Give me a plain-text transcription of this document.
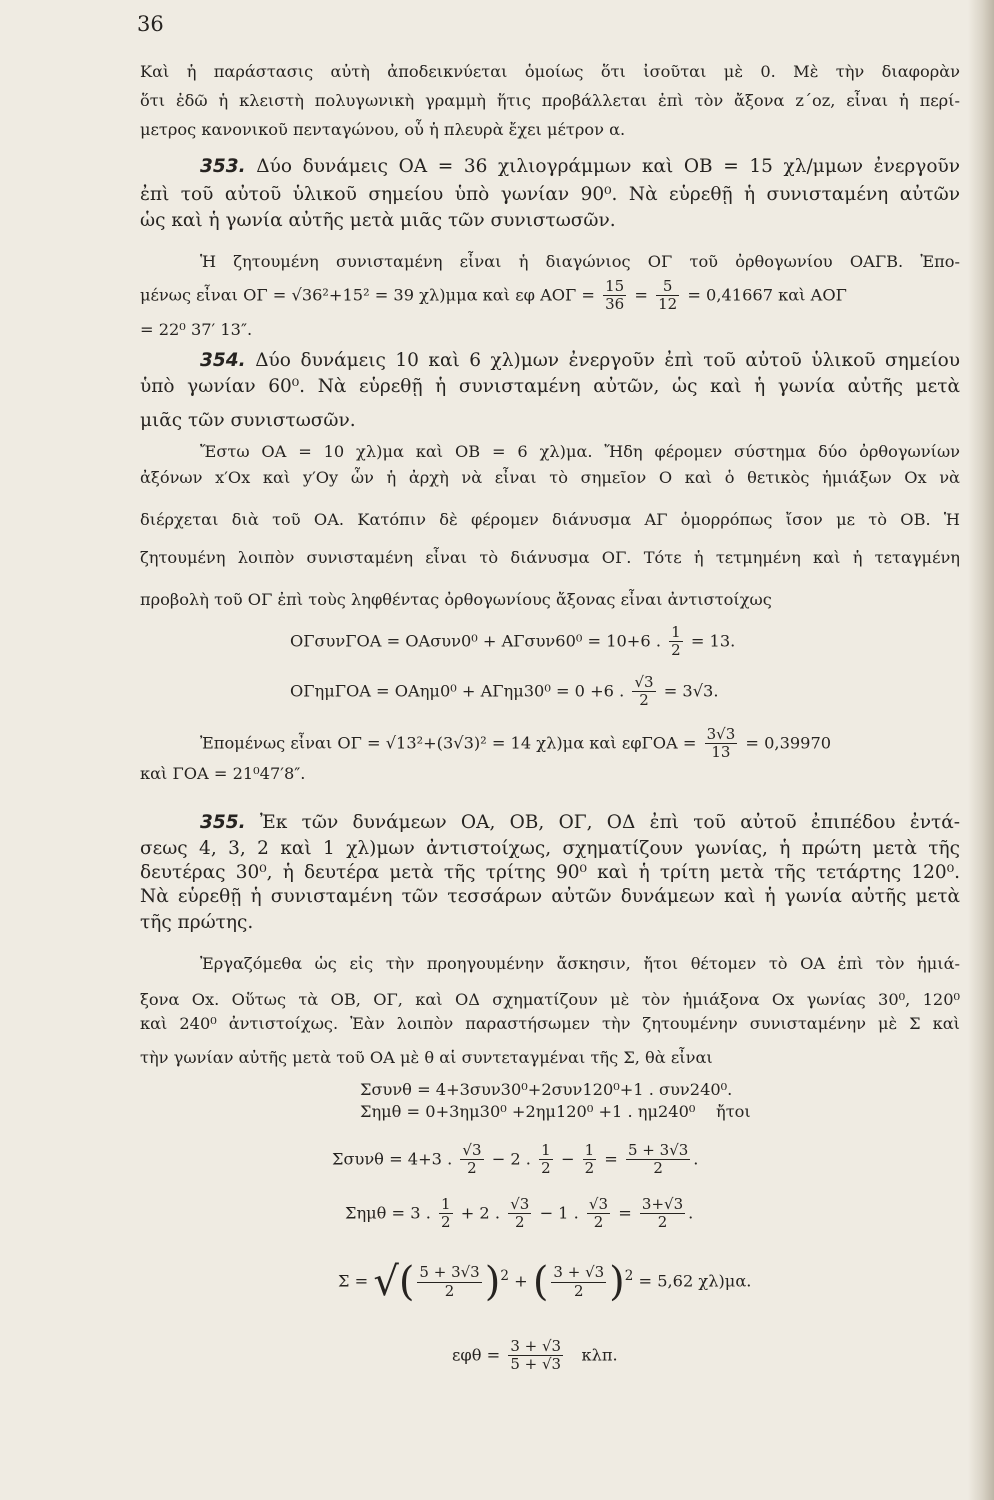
36
Καὶ ἡ παράστασις αὐτὴ ἀποδεικνύεται ὁμοίως ὅτι ἰσοῦται μὲ 0. Μὲ τὴν διαφορὰν
ὅτι ἐδῶ ἡ κλειστὴ πολυγωνικὴ γραμμὴ ἥτις προβάλλεται ἐπὶ τὸν ἄξονα z΄oz, εἶναι ἡ περί-
μετρος κανονικοῦ πενταγώνου, οὗ ἡ πλευρὰ ἔχει μέτρον α.
353. Δύο δυνάμεις ΟΑ = 36 χιλιογράμμων καὶ ΟΒ = 15 χλ/μμων ἐνεργοῦν
ἐπὶ τοῦ αὐτοῦ ὑλικοῦ σημείου ὑπὸ γωνίαν 90⁰. Νὰ εὑρεθῇ ἡ συνισταμένη αὐτῶν
ὡς καὶ ἡ γωνία αὐτῆς μετὰ μιᾶς τῶν συνιστωσῶν.
Ἡ ζητουμένη συνισταμένη εἶναι ἡ διαγώνιος ΟΓ τοῦ ὀρθογωνίου ΟΑΓΒ. Ἐπο-
μένως εἶναι ΟΓ = √36²+15² = 39 χλ)μμα καὶ εφ $AO\Gamma = \frac{15}{36} = \frac{5}{12} = 0,41667$ καὶ ΑΟΓ
= 22⁰ 37′ 13″.
354. Δύο δυνάμεις 10 καὶ 6 χλ)μων ἐνεργοῦν ἐπὶ τοῦ αὐτοῦ ὑλικοῦ σημείου
ὑπὸ γωνίαν 60⁰. Νὰ εὑρεθῇ ἡ συνισταμένη αὐτῶν, ὡς καὶ ἡ γωνία αὐτῆς μετὰ
μιᾶς τῶν συνιστωσῶν.
Ἔστω ΟΑ = 10 χλ)μα καὶ ΟΒ = 6 χλ)μα. Ἤδη φέρομεν σύστημα δύο ὀρθογωνίων
ἀξόνων x′Ox καὶ y′Oy ὧν ἡ ἀρχὴ νὰ εἶναι τὸ σημεῖον Ο καὶ ὁ θετικὸς ἡμιάξων Ox νὰ
διέρχεται διὰ τοῦ ΟΑ. Κατόπιν δὲ φέρομεν διάνυσμα ΑΓ ὁμορρόπως ἴσον με τὸ ΟΒ. Ἡ
ζητουμένη λοιπὸν συνισταμένη εἶναι τὸ διάνυσμα ΟΓ. Τότε ἡ τετμημένη καὶ ἡ τεταγμένη
προβολὴ τοῦ ΟΓ ἐπὶ τοὺς ληφθέντας ὀρθογωνίους ἄξονας εἶναι ἀντιστοίχως
ΟΓσυνΓΟΑ = ΟΑσυν0⁰ + ΑΓσυν60⁰ = 10+6 . $\frac{1}{2} = 13$.
ΟΓημΓΟΑ = ΟΑημ0⁰ + ΑΓημ30⁰ = 0 +6 . $\frac{√3}{2} = 3√3$.
Ἐπομένως εἶναι ΟΓ = √13²+(3√3)² = 14 χλ)μα καὶ $\varepsilon\varphi\Gamma OA = \frac{3√3}{13} = 0,39970$
καὶ ΓΟΑ = 21⁰47′8″.
355. Ἐκ τῶν δυνάμεων ΟΑ, ΟΒ, ΟΓ, ΟΔ ἐπὶ τοῦ αὐτοῦ ἐπιπέδου ἐντά-
σεως 4, 3, 2 καὶ 1 χλ)μων ἀντιστοίχως, σχηματίζουν γωνίας, ἡ πρώτη μετὰ τῆς
δευτέρας 30⁰, ἡ δευτέρα μετὰ τῆς τρίτης 90⁰ καὶ ἡ τρίτη μετὰ τῆς τετάρτης 120⁰.
Νὰ εὑρεθῇ ἡ συνισταμένη τῶν τεσσάρων αὐτῶν δυνάμεων καὶ ἡ γωνία αὐτῆς μετὰ
τῆς πρώτης.
Ἐργαζόμεθα ὡς εἰς τὴν προηγουμένην ἄσκησιν, ἤτοι θέτομεν τὸ ΟΑ ἐπὶ τὸν ἡμιά-
ξονα Ox. Οὕτως τὰ ΟΒ, ΟΓ, καὶ ΟΔ σχηματίζουν μὲ τὸν ἡμιάξονα Ox γωνίας 30⁰, 120⁰
καὶ 240⁰ ἀντιστοίχως. Ἐὰν λοιπὸν παραστήσωμεν τὴν ζητουμένην συνισταμένην μὲ Σ καὶ
τὴν γωνίαν αὐτῆς μετὰ τοῦ ΟΑ μὲ θ αἱ συντεταγμέναι τῆς Σ, θὰ εἶναι
Σσυνθ = 4+3συν30⁰+2συν120⁰+1 . συν240⁰.
Σημθ = 0+3ημ30⁰ +2ημ120⁰ +1 . ημ240⁰ ἤτοι
Σσυνθ = 4+3 . $\frac{√3}{2} - 2$ . $\frac{1}{2} - \frac{1}{2} = \frac{5 + 3√3}{2}$ .
Σημθ = 3 . $\frac{1}{2} + 2$ . $\frac{√3}{2} - 1$ . $\frac{√3}{2} = \frac{3+√3}{2}$ .
Σ = √( $\frac{5 + 3√3}{2} )^2$ + ( $\frac{3 + √3}{2} )^2 = 5,62$ χλ)μα.
$\varepsilon\varphi\theta = \frac{3 + √3}{5 + √3} \kappa\lambda\pi$.
